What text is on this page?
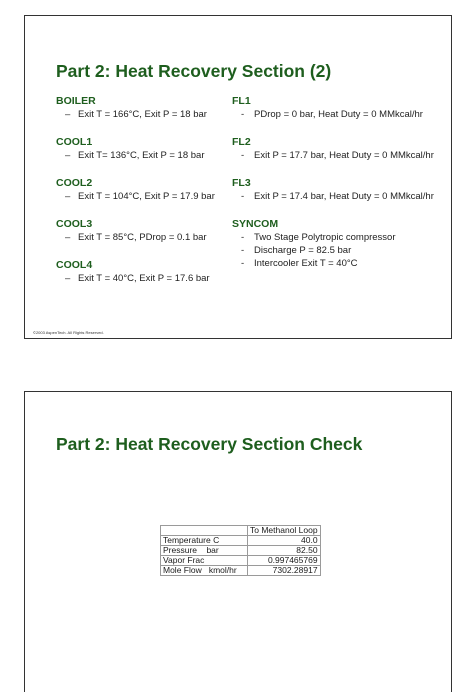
Part 2: Heat Recovery Section (2)
BOILER
– Exit T = 166°C, Exit P = 18 bar
COOL1
– Exit T= 136°C, Exit P = 18 bar
COOL2
– Exit T = 104°C, Exit P = 17.9 bar
COOL3
– Exit T = 85°C, PDrop = 0.1 bar
COOL4
– Exit T = 40°C, Exit P = 17.6 bar
FL1
- PDrop = 0 bar, Heat Duty = 0 MMkcal/hr
FL2
- Exit P = 17.7 bar, Heat Duty = 0 MMkcal/hr
FL3
- Exit P = 17.4 bar, Heat Duty = 0 MMkcal/hr
SYNCOM
- Two Stage Polytropic compressor
- Discharge P = 82.5 bar
- Intercooler Exit T = 40°C
©2003 AspenTech. All Rights Reserved.
Part 2: Heat Recovery Section Check
	To Methanol Loop
Temperature C	40.0
Pressure    bar	82.50
Vapor Frac	0.997465769
Mole Flow   kmol/hr	7302.28917
